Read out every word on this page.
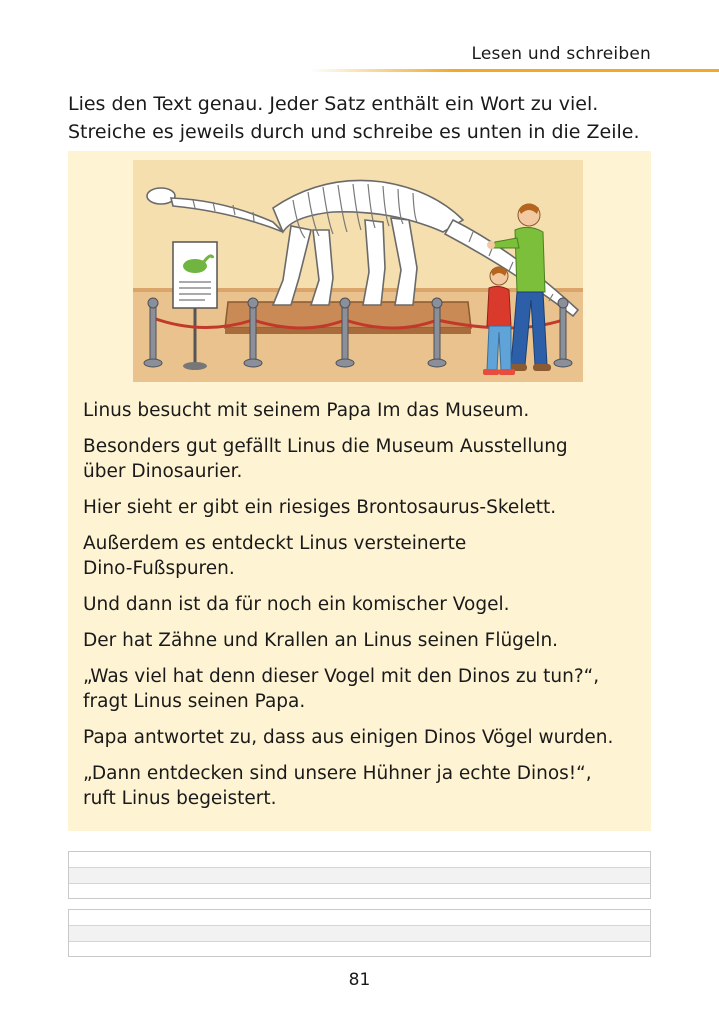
Lesen und schreiben
Lies den Text genau. Jeder Satz enthält ein Wort zu viel.
Streiche es jeweils durch und schreibe es unten in die Zeile.
Linus besucht mit seinem Papa Im das Museum.
Besonders gut gefällt Linus die Museum Ausstellung
über Dinosaurier.
Hier sieht er gibt ein riesiges Brontosaurus-Skelett.
Außerdem es entdeckt Linus versteinerte
Dino-Fußspuren.
Und dann ist da für noch ein komischer Vogel.
Der hat Zähne und Krallen an Linus seinen Flügeln.
„Was viel hat denn dieser Vogel mit den Dinos zu tun?“,
fragt Linus seinen Papa.
Papa antwortet zu, dass aus einigen Dinos Vögel wurden.
„Dann entdecken sind unsere Hühner ja echte Dinos!“,
ruft Linus begeistert.
81
